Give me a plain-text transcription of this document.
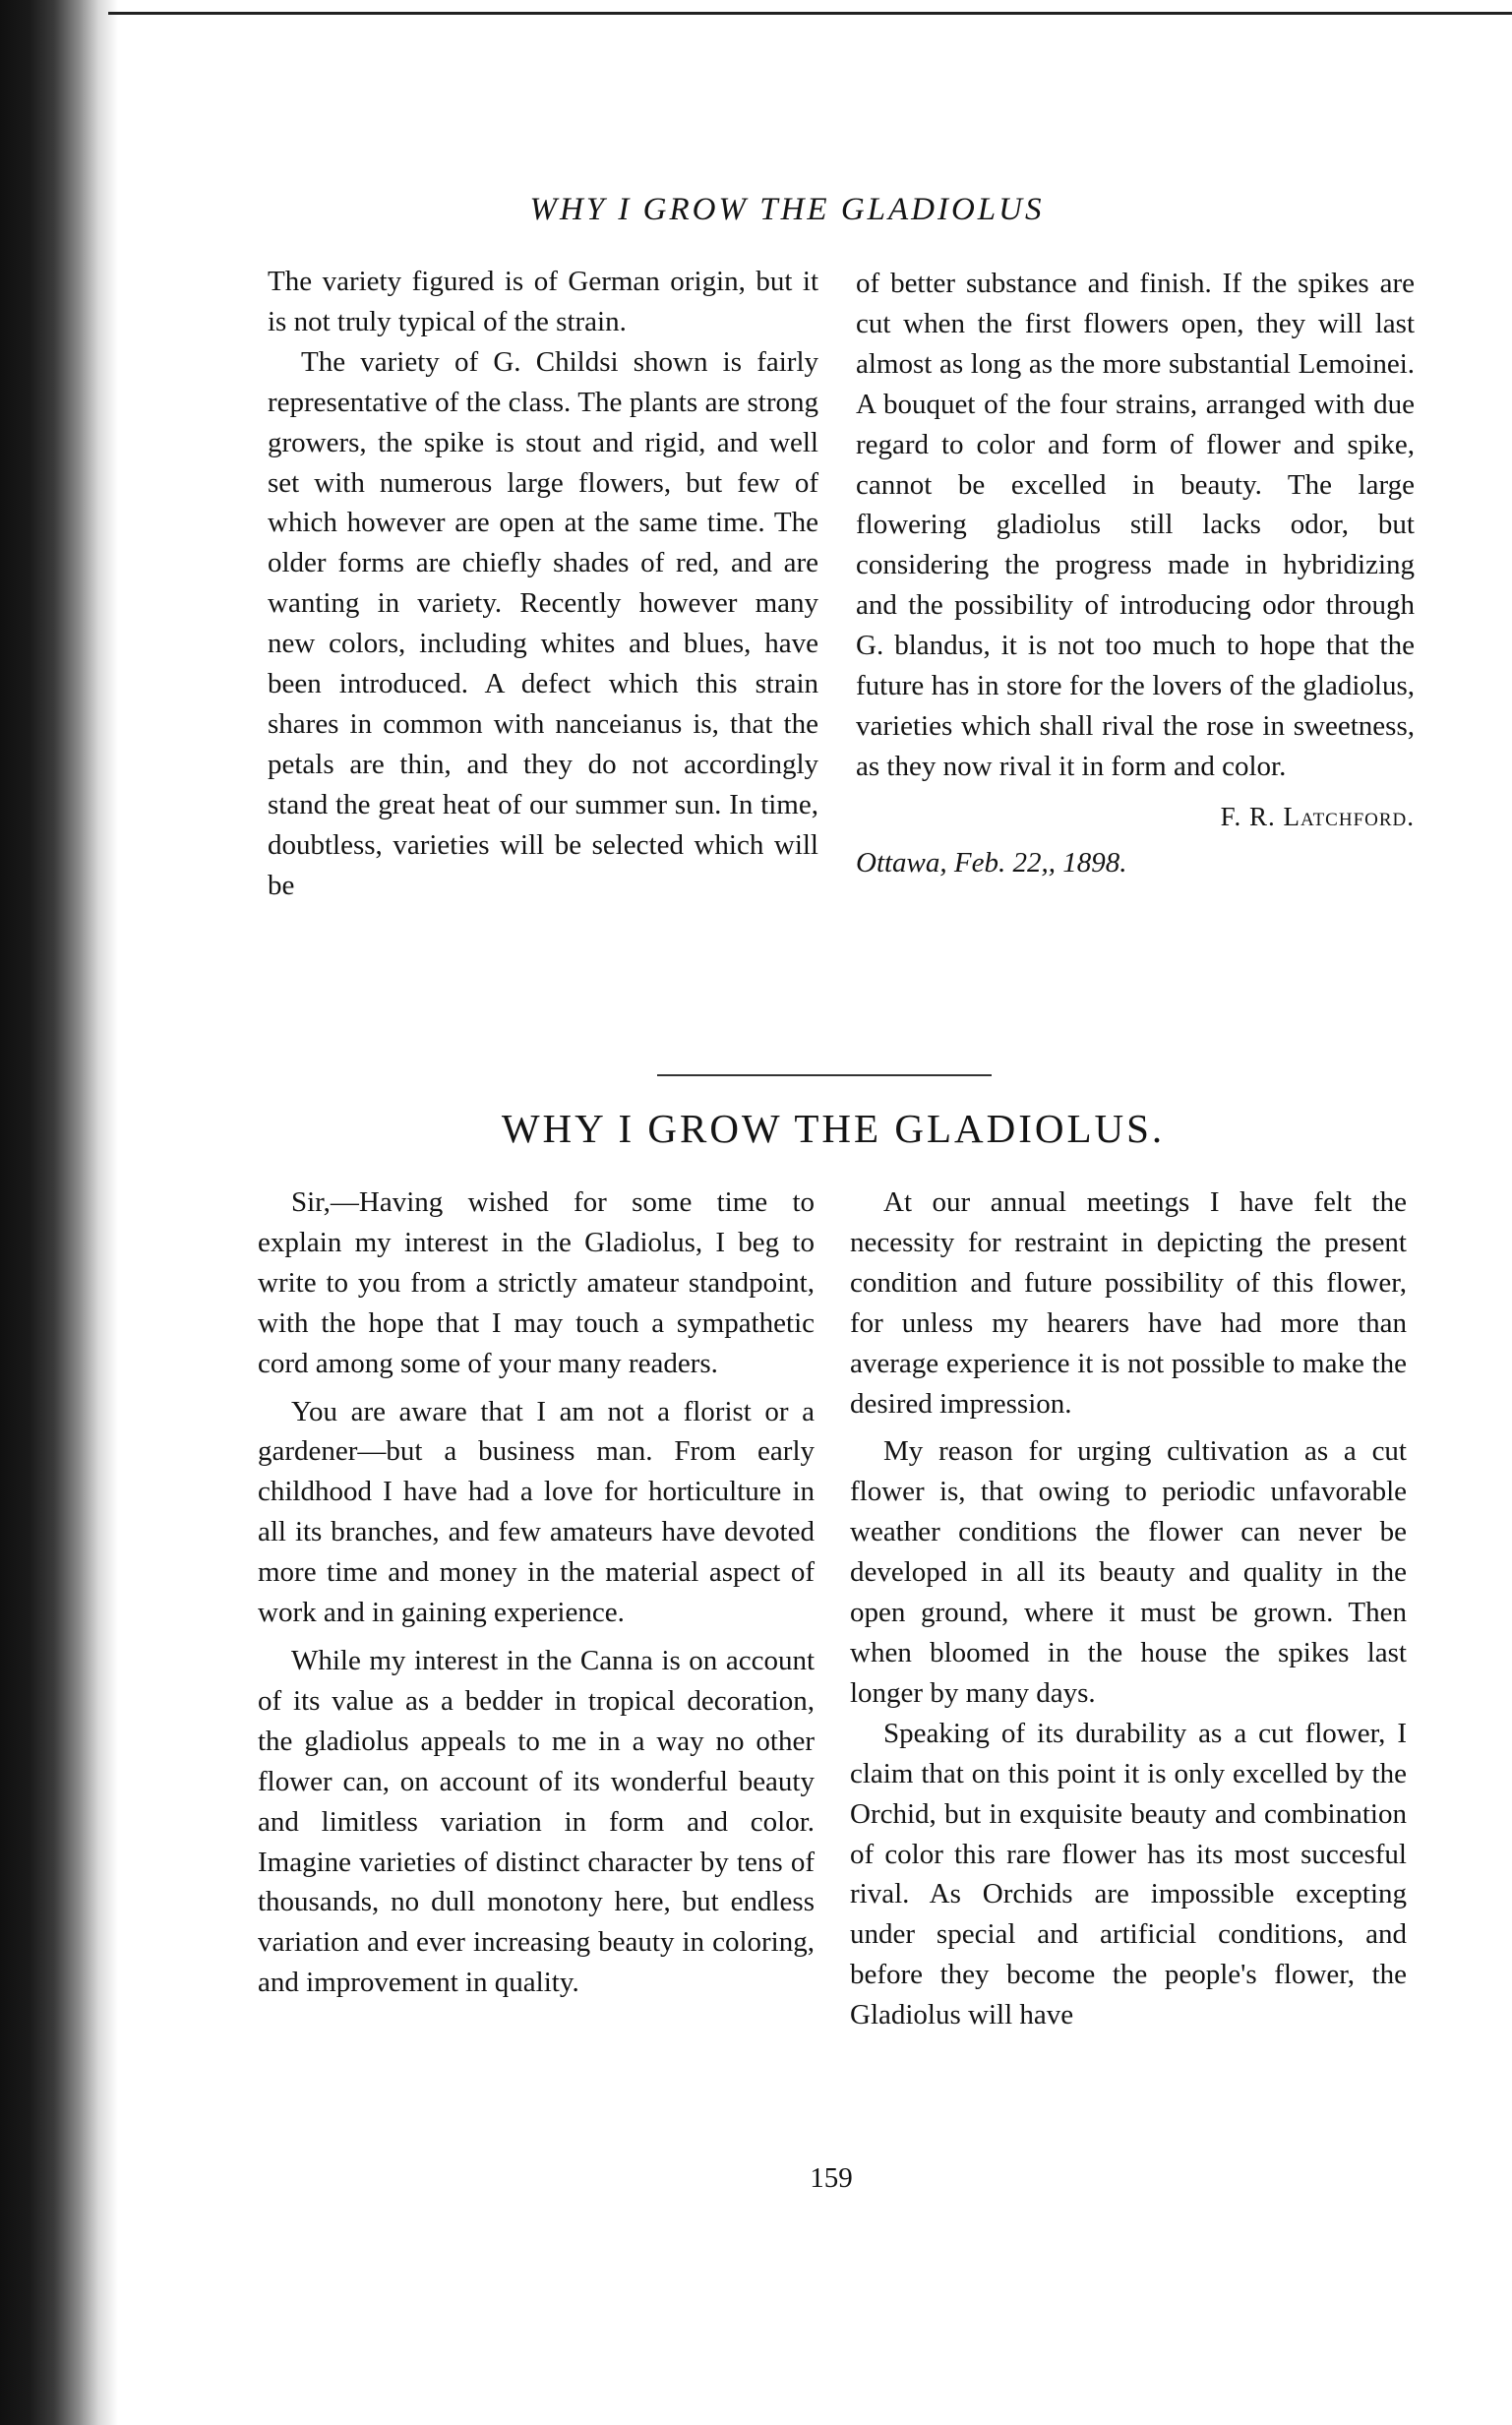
WHY I GROW THE GLADIOLUS

The variety figured is of German origin, but it is not truly typical of the strain.

The variety of G. Childsi shown is fairly representative of the class. The plants are strong growers, the spike is stout and rigid, and well set with numerous large flowers, but few of which however are open at the same time. The older forms are chiefly shades of red, and are wanting in variety. Recently however many new colors, including whites and blues, have been introduced. A defect which this strain shares in common with nanceianus is, that the petals are thin, and they do not accordingly stand the great heat of our summer sun. In time, doubtless, varieties will be selected which will be

of better substance and finish. If the spikes are cut when the first flowers open, they will last almost as long as the more substantial Lemoinei. A bouquet of the four strains, arranged with due regard to color and form of flower and spike, cannot be excelled in beauty. The large flowering gladiolus still lacks odor, but considering the progress made in hybridizing and the possibility of introducing odor through G. blandus, it is not too much to hope that the future has in store for the lovers of the gladiolus, varieties which shall rival the rose in sweetness, as they now rival it in form and color.

F. R. Latchford.
Ottawa, Feb. 22,, 1898.
WHY I GROW THE GLADIOLUS.

Sir,—Having wished for some time to explain my interest in the Gladiolus, I beg to write to you from a strictly amateur standpoint, with the hope that I may touch a sympathetic cord among some of your many readers.

You are aware that I am not a florist or a gardener—but a business man. From early childhood I have had a love for horticulture in all its branches, and few amateurs have devoted more time and money in the material aspect of work and in gaining experience.

While my interest in the Canna is on account of its value as a bedder in tropical decoration, the gladiolus appeals to me in a way no other flower can, on account of its wonderful beauty and limitless variation in form and color. Imagine varieties of distinct character by tens of thousands, no dull monotony here, but endless variation and ever increasing beauty in coloring, and improvement in quality.

At our annual meetings I have felt the necessity for restraint in depicting the present condition and future possibility of this flower, for unless my hearers have had more than average experience it is not possible to make the desired impression.

My reason for urging cultivation as a cut flower is, that owing to periodic unfavorable weather conditions the flower can never be developed in all its beauty and quality in the open ground, where it must be grown. Then when bloomed in the house the spikes last longer by many days.

Speaking of its durability as a cut flower, I claim that on this point it is only excelled by the Orchid, but in exquisite beauty and combination of color this rare flower has its most succesful rival. As Orchids are impossible excepting under special and artificial conditions, and before they become the people's flower, the Gladiolus will have

159
